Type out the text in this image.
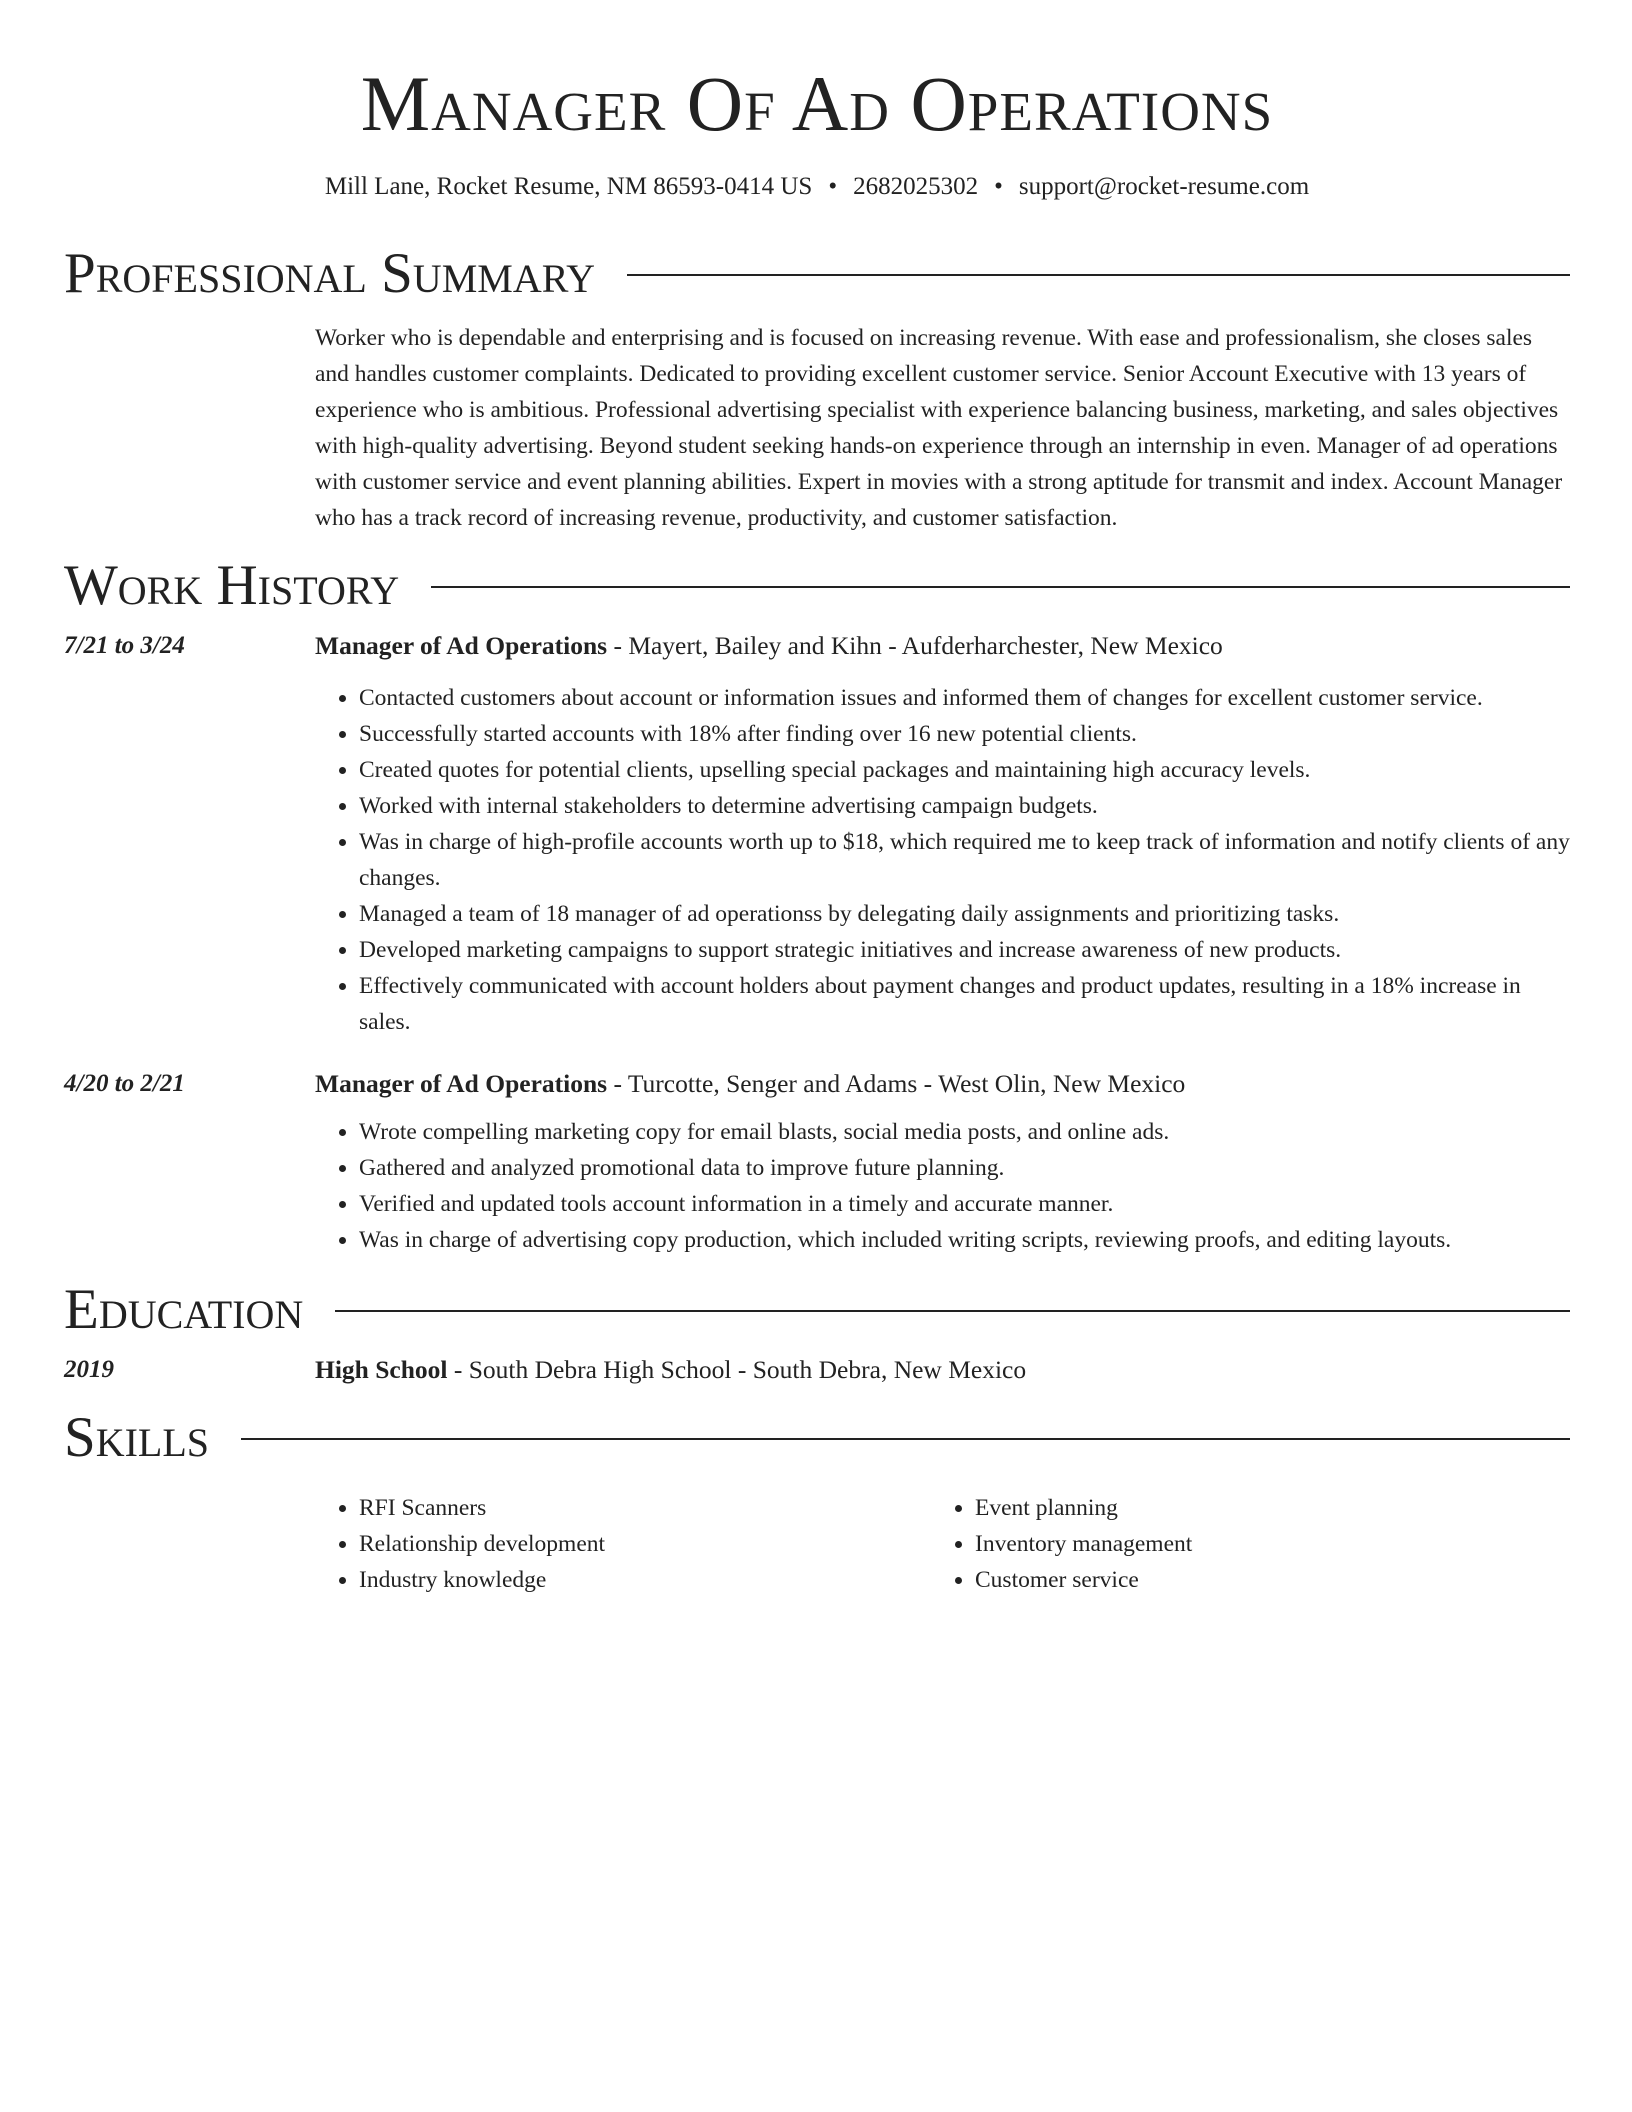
Manager Of Ad Operations
Mill Lane, Rocket Resume, NM 86593-0414 US • 2682025302 • support@rocket-resume.com
Professional Summary

Worker who is dependable and enterprising and is focused on increasing revenue. With ease and professionalism, she closes sales and handles customer complaints. Dedicated to providing excellent customer service. Senior Account Executive with 13 years of experience who is ambitious. Professional advertising specialist with experience balancing business, marketing, and sales objectives with high-quality advertising. Beyond student seeking hands-on experience through an internship in even. Manager of ad operations with customer service and event planning abilities. Expert in movies with a strong aptitude for transmit and index. Account Manager who has a track record of increasing revenue, productivity, and customer satisfaction.

Work History
7/21 to 3/24	Manager of Ad Operations - Mayert, Bailey and Kihn - Aufderharchester, New Mexico
• Contacted customers about account or information issues and informed them of changes for excellent customer service.
• Successfully started accounts with 18% after finding over 16 new potential clients.
• Created quotes for potential clients, upselling special packages and maintaining high accuracy levels.
• Worked with internal stakeholders to determine advertising campaign budgets.
• Was in charge of high-profile accounts worth up to $18, which required me to keep track of information and notify clients of any changes.
• Managed a team of 18 manager of ad operationss by delegating daily assignments and prioritizing tasks.
• Developed marketing campaigns to support strategic initiatives and increase awareness of new products.
• Effectively communicated with account holders about payment changes and product updates, resulting in a 18% increase in sales.
4/20 to 2/21	Manager of Ad Operations - Turcotte, Senger and Adams - West Olin, New Mexico
• Wrote compelling marketing copy for email blasts, social media posts, and online ads.
• Gathered and analyzed promotional data to improve future planning.
• Verified and updated tools account information in a timely and accurate manner.
• Was in charge of advertising copy production, which included writing scripts, reviewing proofs, and editing layouts.
Education
2019	High School - South Debra High School - South Debra, New Mexico
Skills
• RFI Scanners
• Relationship development
• Industry knowledge
• Event planning
• Inventory management
• Customer service
